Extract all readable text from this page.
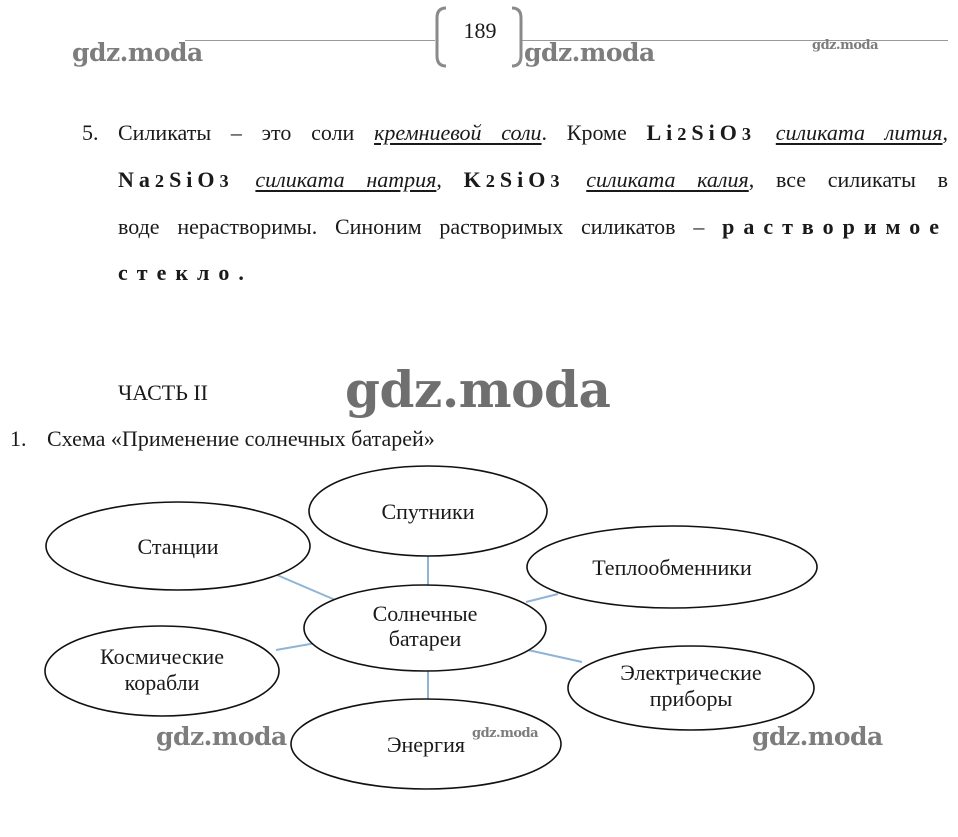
189
gdz.moda	gdz.moda	gdz.moda
5. Силикаты – это соли кремниевой соли. Кроме Li2SiO3 силиката лития,
Na2SiO3 силиката натрия, K2SiO3 силиката калия, все силикаты в
воде нерастворимы. Синоним растворимых силикатов – растворимое
стекло.
ЧАСТЬ II	gdz.moda
1. Схема «Применение солнечных батарей»
Спутники
Станции
Теплообменники
Солнечные
батареи
Космические
корабли	Электрические
приборы
Энергия gdz.moda
gdz.moda	gdz.moda
